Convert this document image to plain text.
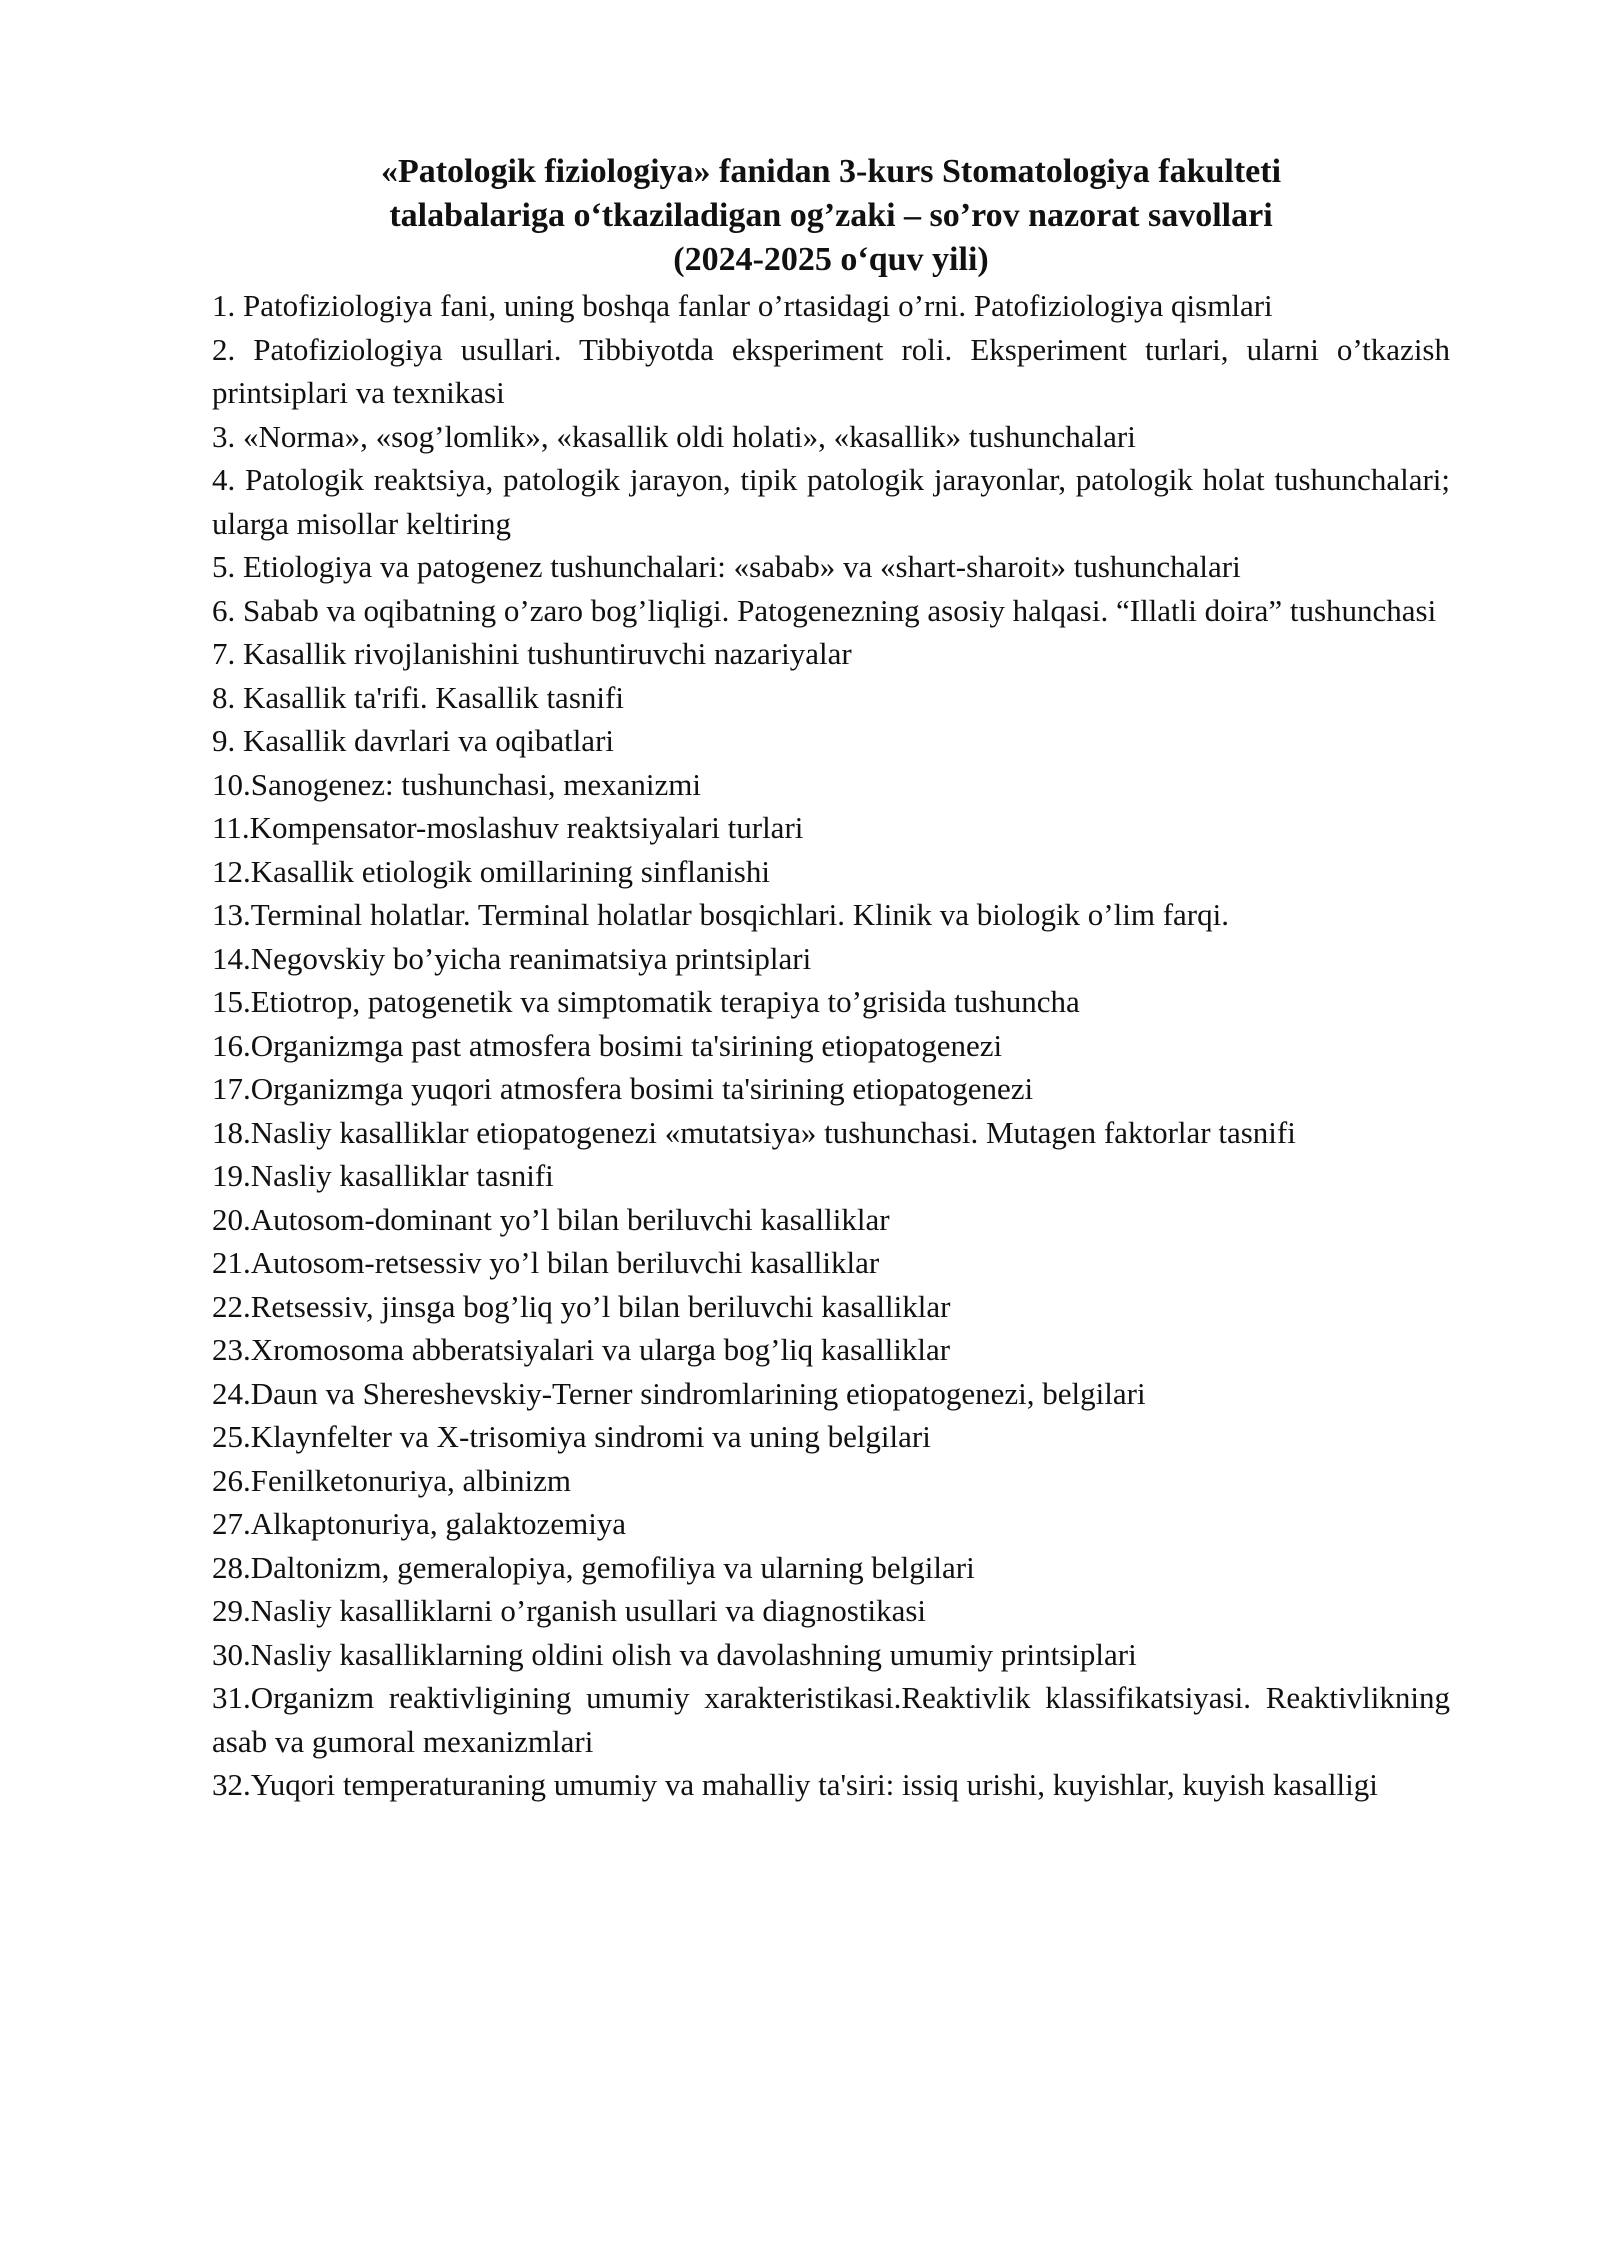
«Patologik fiziologiya» fanidan 3-kurs Stomatologiya fakulteti
talabalariga o‘tkaziladigan og’zaki – so’rov nazorat savollari
(2024-2025 o‘quv yili)
1. Patofiziologiya fani, uning boshqa fanlar o’rtasidagi o’rni. Patofiziologiya qismlari
2. Patofiziologiya usullari. Tibbiyotda eksperiment roli. Eksperiment turlari, ularni o’tkazish printsiplari va texnikasi
3. «Norma», «sog’lomlik», «kasallik oldi holati», «kasallik» tushunchalari
4. Patologik reaktsiya, patologik jarayon, tipik patologik jarayonlar, patologik holat tushunchalari; ularga misollar keltiring
5. Etiologiya va patogenez tushunchalari: «sabab» va «shart-sharoit» tushunchalari
6. Sabab va oqibatning o’zaro bog’liqligi. Patogenezning asosiy halqasi. “Illatli doira” tushunchasi
7. Kasallik rivojlanishini tushuntiruvchi nazariyalar
8. Kasallik ta'rifi. Kasallik tasnifi
9. Kasallik davrlari va oqibatlari
10.Sanogenez: tushunchasi, mexanizmi
11.Kompensator-moslashuv reaktsiyalari turlari
12.Kasallik etiologik omillarining sinflanishi
13.Terminal holatlar. Terminal holatlar bosqichlari. Klinik va biologik o’lim farqi.
14.Negovskiy bo’yicha reanimatsiya printsiplari
15.Etiotrop, patogenetik va simptomatik terapiya to’grisida tushuncha
16.Organizmga past atmosfera bosimi ta'sirining etiopatogenezi
17.Organizmga yuqori atmosfera bosimi ta'sirining etiopatogenezi
18.Nasliy kasalliklar etiopatogenezi «mutatsiya» tushunchasi. Mutagen faktorlar tasnifi
19.Nasliy kasalliklar tasnifi
20.Autosom-dominant yo’l bilan beriluvchi kasalliklar
21.Autosom-retsessiv yo’l bilan beriluvchi kasalliklar
22.Retsessiv, jinsga bog’liq yo’l bilan beriluvchi kasalliklar
23.Xromosoma abberatsiyalari va ularga bog’liq kasalliklar
24.Daun va Shereshevskiy-Terner sindromlarining etiopatogenezi, belgilari
25.Klaynfelter va X-trisomiya sindromi va uning belgilari
26.Fenilketonuriya, albinizm
27.Alkaptonuriya, galaktozemiya
28.Daltonizm, gemeralopiya, gemofiliya va ularning belgilari
29.Nasliy kasalliklarni o’rganish usullari va diagnostikasi
30.Nasliy kasalliklarning oldini olish va davolashning umumiy printsiplari
31.Organizm reaktivligining umumiy xarakteristikasi.Reaktivlik klassifikatsiyasi. Reaktivlikning asab va gumoral mexanizmlari
32.Yuqori temperaturaning umumiy va mahalliy ta'siri: issiq urishi, kuyishlar, kuyish kasalligi
